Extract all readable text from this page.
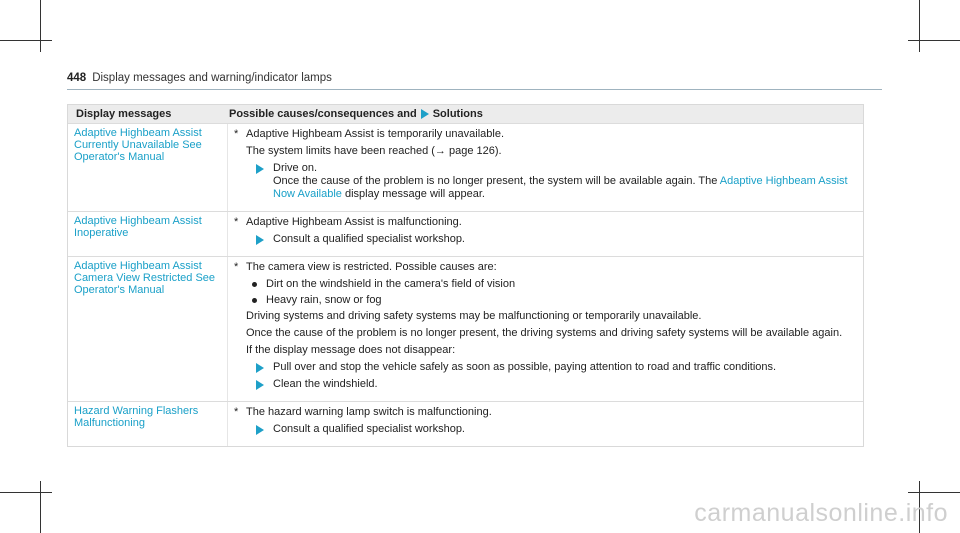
448 Display messages and warning/indicator lamps
Display messages	Possible causes/consequences and Solutions
Adaptive Highbeam Assist Currently Unavailable See Operator's Manual
* Adaptive Highbeam Assist is temporarily unavailable.
The system limits have been reached (→ page 126).
Drive on.
Once the cause of the problem is no longer present, the system will be available again. The Adaptive Highbeam Assist Now Available display message will appear.
Adaptive Highbeam Assist Inoperative
* Adaptive Highbeam Assist is malfunctioning.
Consult a qualified specialist workshop.
Adaptive Highbeam Assist Camera View Restricted See Operator's Manual
* The camera view is restricted. Possible causes are:
Dirt on the windshield in the camera's field of vision
Heavy rain, snow or fog
Driving systems and driving safety systems may be malfunctioning or temporarily unavailable.
Once the cause of the problem is no longer present, the driving systems and driving safety systems will be available again.
If the display message does not disappear:
Pull over and stop the vehicle safely as soon as possible, paying attention to road and traffic conditions.
Clean the windshield.
Hazard Warning Flashers Malfunctioning
* The hazard warning lamp switch is malfunctioning.
Consult a qualified specialist workshop.
carmanualsonline.info
